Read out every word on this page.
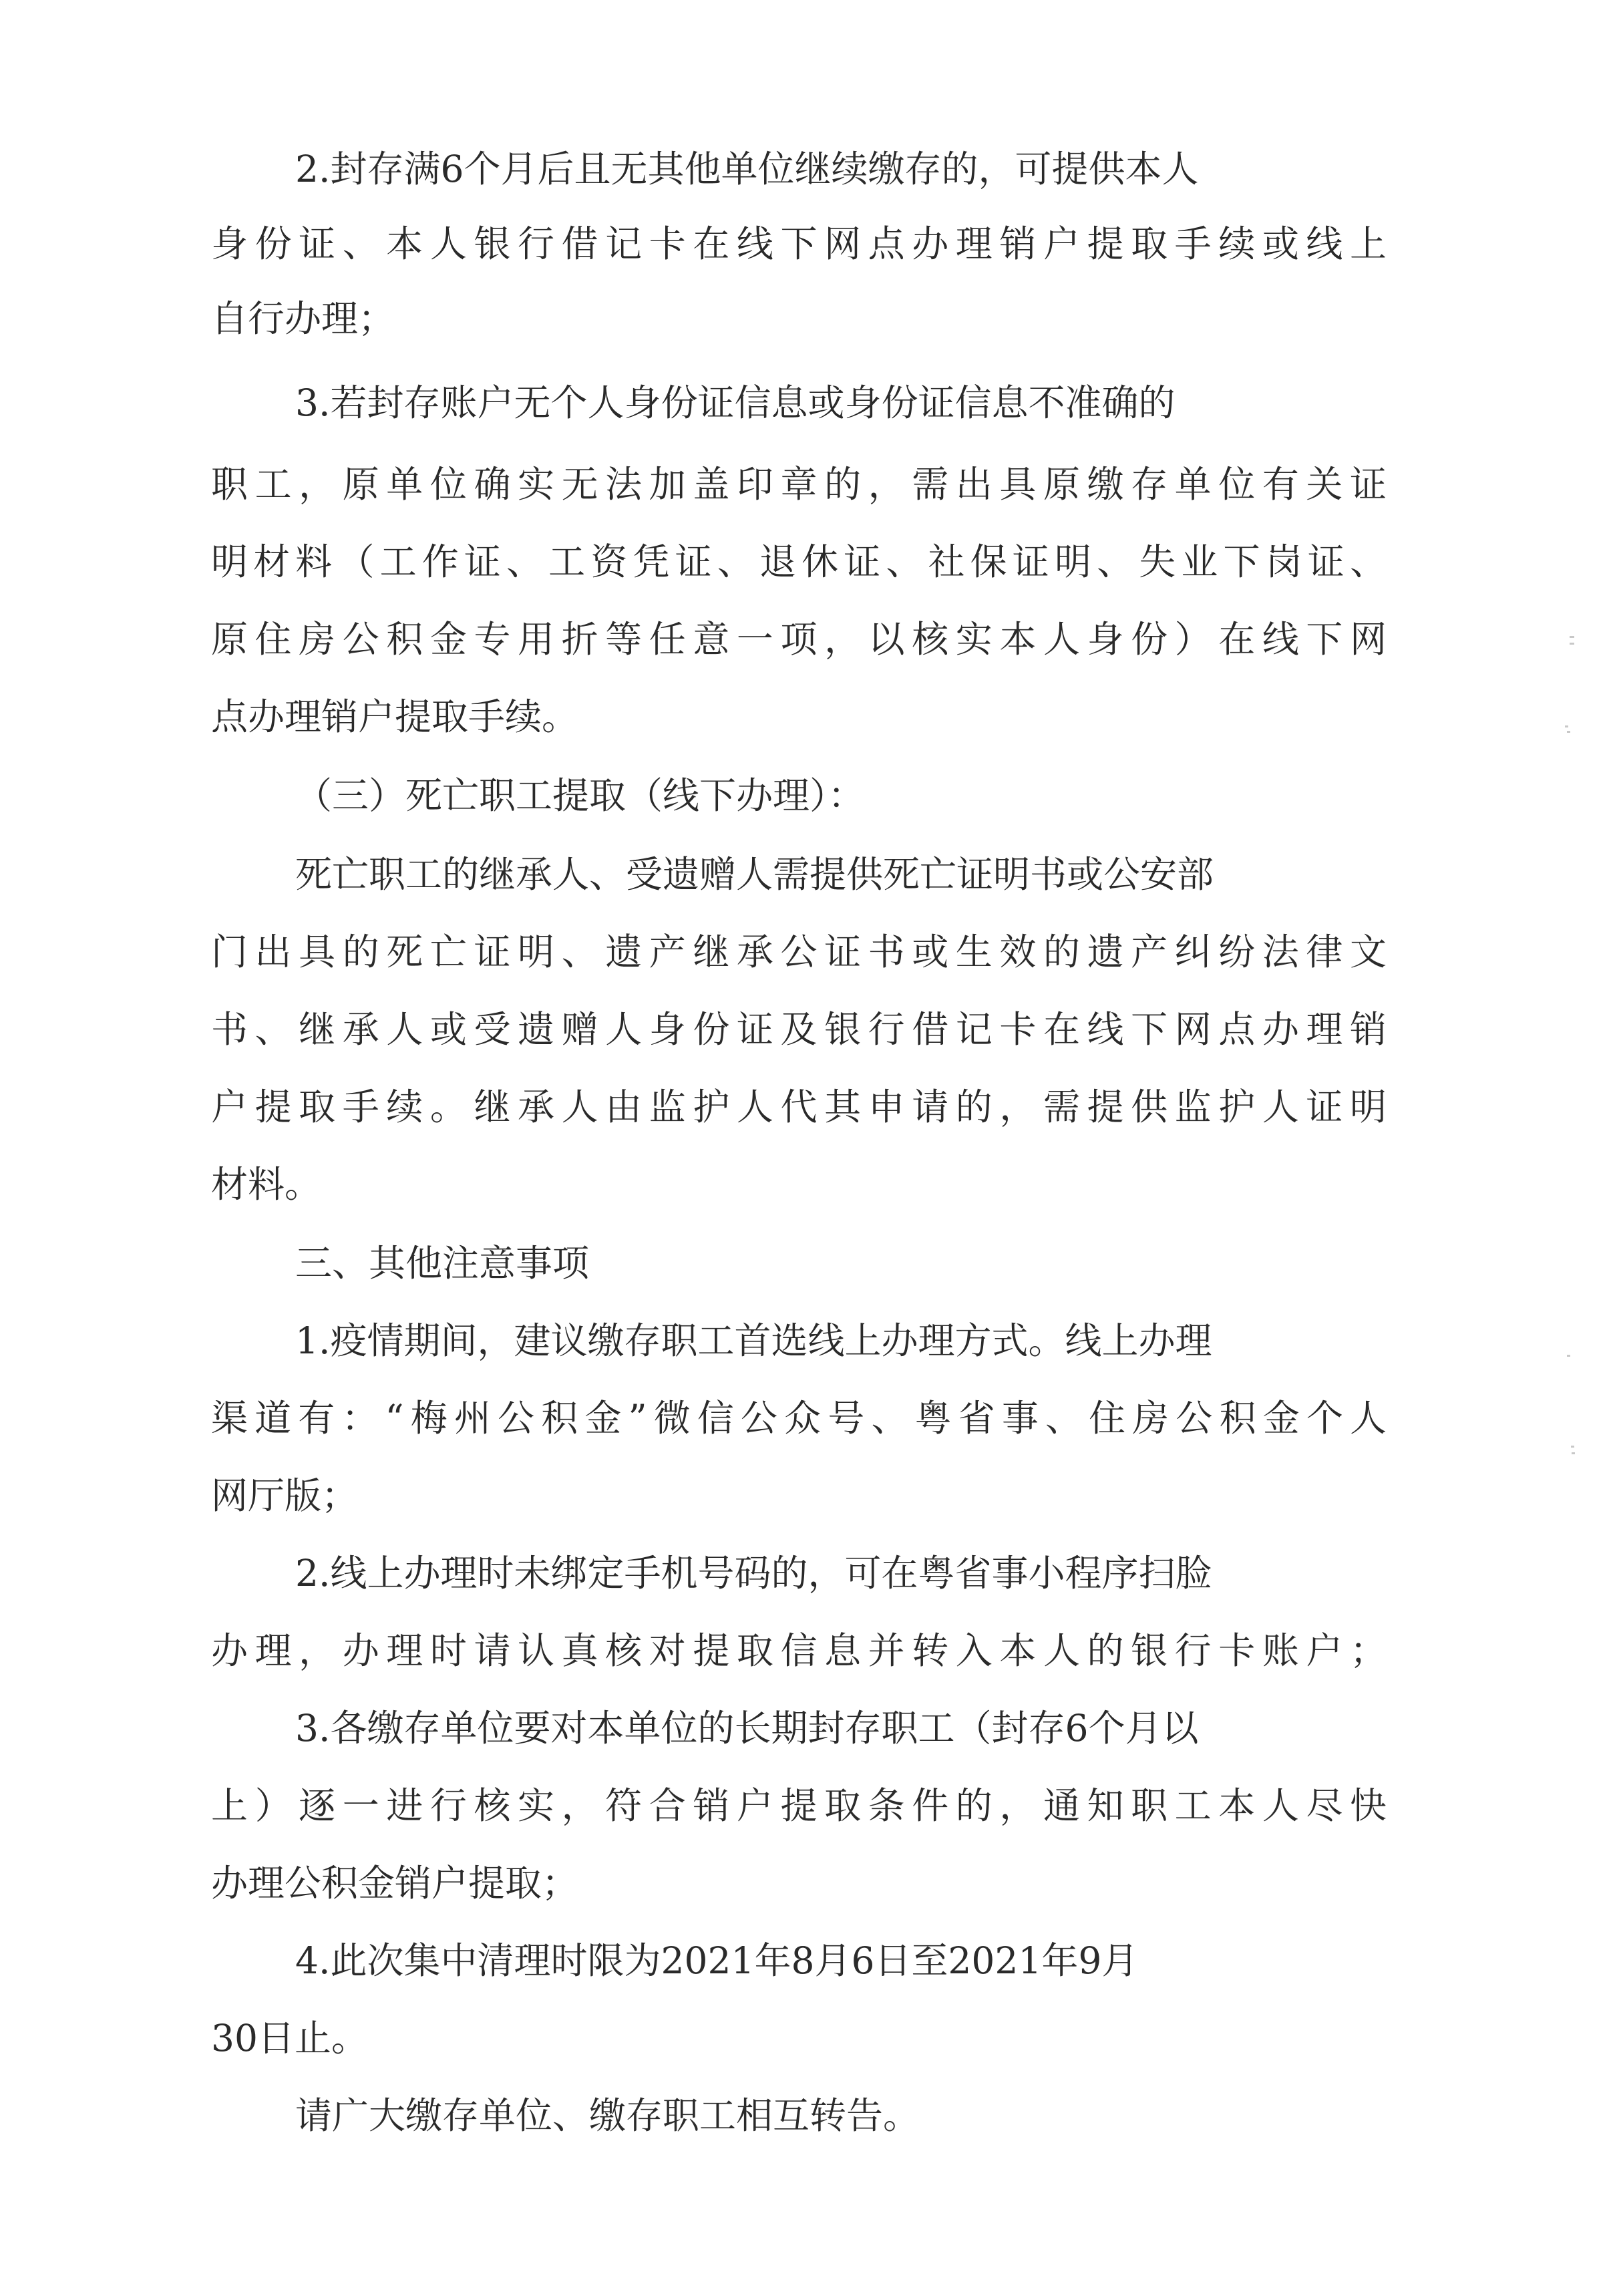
2.封存满6个月后且无其他单位继续缴存的，可提供本人

身份证、本人银行借记卡在线下网点办理销户提取手续或线上

自行办理；

3.若封存账户无个人身份证信息或身份证信息不准确的

职工，原单位确实无法加盖印章的，需出具原缴存单位有关证

明材料（工作证、工资凭证、退休证、社保证明、失业下岗证、

原住房公积金专用折等任意一项，以核实本人身份）在线下网

点办理销户提取手续。

（三）死亡职工提取（线下办理）：

死亡职工的继承人、受遗赠人需提供死亡证明书或公安部

门出具的死亡证明、遗产继承公证书或生效的遗产纠纷法律文

书、继承人或受遗赠人身份证及银行借记卡在线下网点办理销

户提取手续。继承人由监护人代其申请的，需提供监护人证明

材料。

三、其他注意事项

1.疫情期间，建议缴存职工首选线上办理方式。线上办理

渠道有：“梅州公积金”微信公众号、粤省事、住房公积金个人

网厅版；

2.线上办理时未绑定手机号码的，可在粤省事小程序扫脸

办理，办理时请认真核对提取信息并转入本人的银行卡账户；

3.各缴存单位要对本单位的长期封存职工（封存6个月以

上）逐一进行核实，符合销户提取条件的，通知职工本人尽快

办理公积金销户提取；

4.此次集中清理时限为2021年8月6日至2021年9月

30日止。

请广大缴存单位、缴存职工相互转告。
